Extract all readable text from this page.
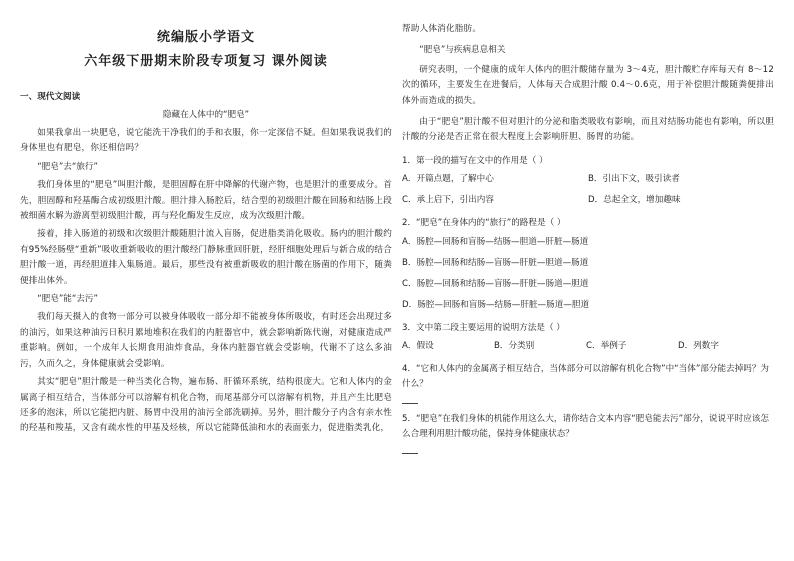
统编版小学语文
六年级下册期末阶段专项复习 课外阅读
一、现代文阅读
隐藏在人体中的“肥皂”

如果我拿出一块肥皂，说它能洗干净我们的手和衣服，你一定深信不疑。但如果我说我们的身体里也有肥皂，你还相信吗？

“肥皂”去“旅行”

我们身体里的“肥皂”叫胆汁酸，是胆固醇在肝中降解的代谢产物，也是胆汁的重要成分。首先，胆固醇和羟基酶合成初级胆汁酸。胆汁排入肠腔后，结合型的初级胆汁酸在回肠和结肠上段被细菌水解为游离型初级胆汁酸，再与羟化酶发生反应，成为次级胆汁酸。

接着，排入肠道的初级和次级胆汁酸随胆汁流入盲肠，促进脂类消化吸收。肠内的胆汁酸约有95%经肠壁“重新”吸收重新吸收的胆汁酸经门静脉重回肝脏，经肝细胞处理后与新合成的结合胆汁酸一道，再经胆道排入集肠道。最后，那些没有被重新吸收的胆汁酸在肠菌的作用下，随粪便排出体外。

“肥皂”能“去污”

我们每天摄入的食物一部分可以被身体吸收一部分却不能被身体所吸收，有时还会出现过多的油污，如果这种油污日积月累地堆积在我们的内脏器官中，就会影响新陈代谢，对健康造成严重影响。例如，一个成年人长期食用油炸食品，身体内脏器官就会受影响，代谢不了这么多油污，久而久之，身体健康就会受影响。

其实“肥皂”胆汁酸是一种当类化合物，遍布肠、肝循环系统，结构很庞大。它和人体内的金属离子相互结合，当体部分可以溶解有机化合物，而尾基部分可以溶解有机物，并且产生比肥皂还多的泡沫，所以它能把内脏、肠胃中没用的油污全部洗刷掉。另外，胆汁酸分子内含有亲水性的羟基和羧基，又含有疏水性的甲基及烃核，所以它能降低油和水的表面张力，促进脂类乳化，

帮助人体消化脂肪。

“肥皂”与疾病息息相关

研究表明，一个健康的成年人体内的胆汁酸储存量为 3～4克，胆汁酸贮存库每天有 8～12次的循环，主要发生在进餐后，人体每天合成胆汁酸 0.4～0.6克，用于补偿胆汁酸随粪便排出体外而造成的损失。

由于“肥皂”胆汁酸不但对胆汁的分泌和脂类吸收有影响，而且对结肠功能也有影响，所以胆汁酸的分泌是否正常在很大程度上会影响肝胆、肠胃的功能。

1．第一段的描写在文中的作用是（ ）
A．开篇点题，了解中心	B．引出下文，吸引读者
C．承上启下，引出内容	D．总起全文，增加趣味
2．“肥皂”在身体内的“旅行”的路程是（ ）
A．肠腔—回肠和盲肠—结肠—胆道—肝脏—肠道
B．肠腔—回肠和结肠—盲肠—肝脏—胆道—肠道
C．肠腔—回肠和结肠—盲肠—肝脏—肠道—胆道
D．肠腔—回肠和盲肠—结肠—肝脏—肠道—胆道
3．文中第二段主要运用的说明方法是（ ）
A．假设	B．分类别	C．举例子	D．列数字
4．“它和人体内的金属离子相互结合，当体部分可以溶解有机化合物”中“当体”部分能去掉吗？为什么？
5．“肥皂”在我们身体的机能作用这么大，请你结合文本内容“肥皂能去污”部分，说说平时应该怎么合理利用胆汁酸功能，保持身体健康状态？
